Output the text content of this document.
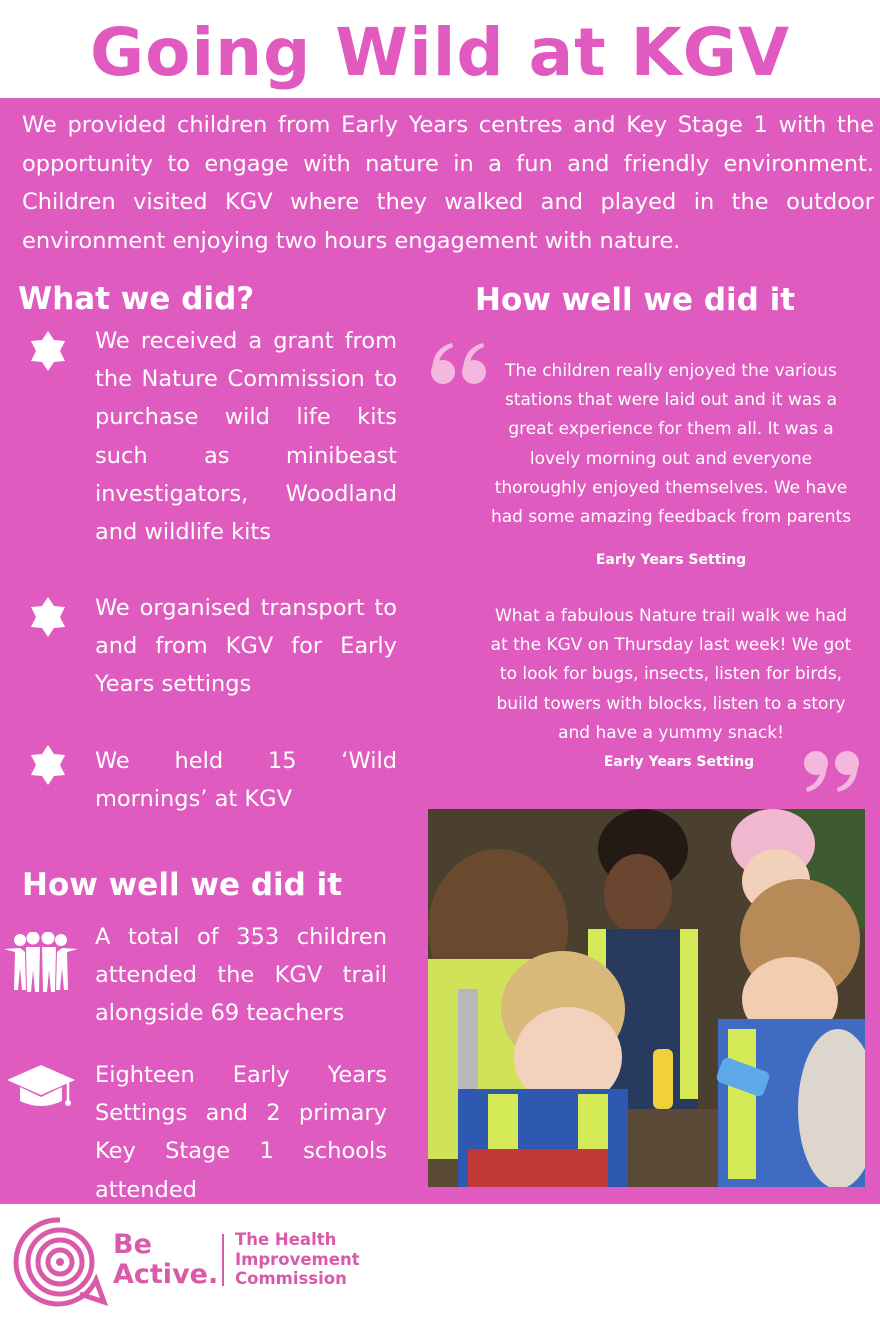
Going Wild at KGV
We provided children from Early Years centres and Key Stage 1 with the opportunity to engage with nature in a fun and friendly environment. Children visited KGV where they walked and played in the outdoor environment enjoying two hours engagement with nature.
What we did?
We received a grant from the Nature Commission to purchase wild life kits such as minibeast investigators, Woodland and wildlife kits
We organised transport to and from KGV for Early Years settings
We held 15 ‘Wild mornings’ at KGV
How well we did it
A total of 353 children attended the KGV trail alongside 69 teachers
Eighteen Early Years Settings and 2 primary Key Stage 1 schools attended
How well we did it
The children really enjoyed the various stations that were laid out and it was a great experience for them all. It was a lovely morning out and everyone thoroughly enjoyed themselves. We have had some amazing feedback from parents
Early Years Setting
What a fabulous Nature trail walk we had at the KGV on Thursday last week! We got to look for bugs, insects, listen for birds, build towers with blocks, listen to a story and have a yummy snack!
Early Years Setting
Be
Active.
The Health
Improvement
Commission
